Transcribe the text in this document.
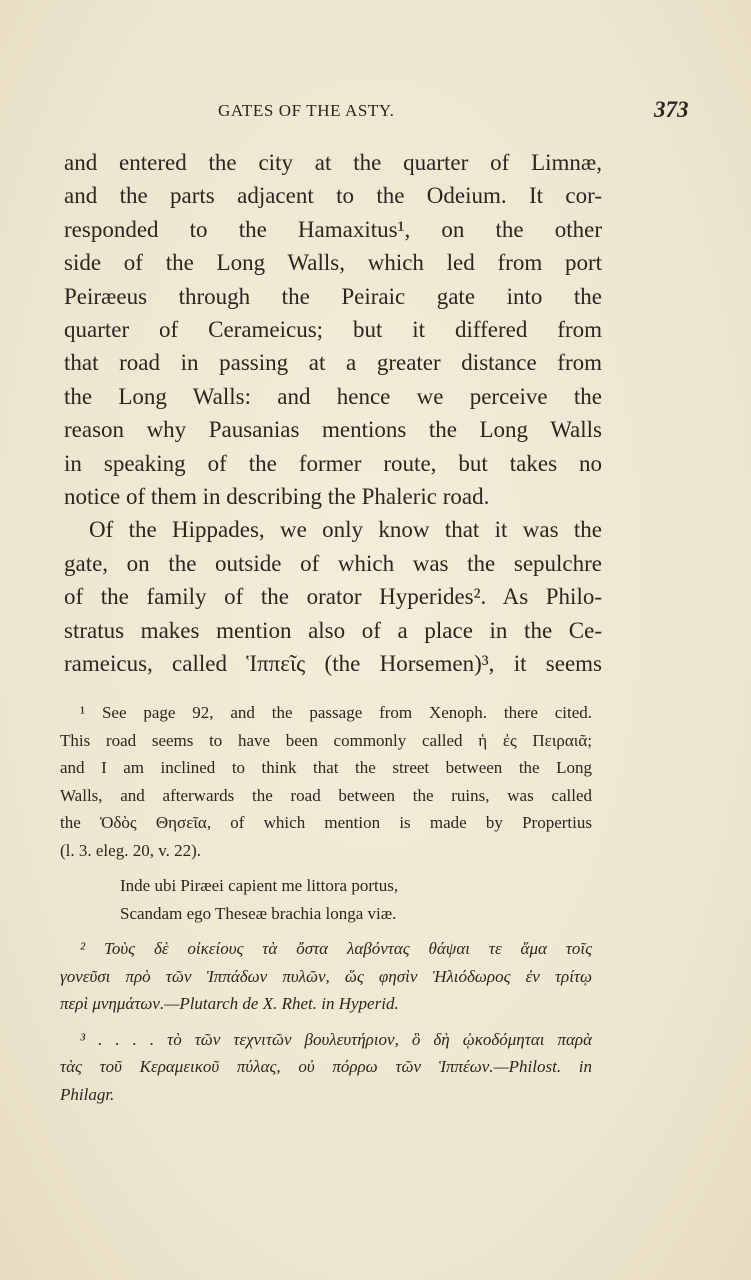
GATES OF THE ASTY.	373
and entered the city at the quarter of Limnæ,
and the parts adjacent to the Odeium. It cor-
responded to the Hamaxitus¹, on the other
side of the Long Walls, which led from port
Peiræeus through the Peiraic gate into the
quarter of Cerameicus; but it differed from
that road in passing at a greater distance from
the Long Walls: and hence we perceive the
reason why Pausanias mentions the Long Walls
in speaking of the former route, but takes no
notice of them in describing the Phaleric road.
Of the Hippades, we only know that it was the
gate, on the outside of which was the sepulchre
of the family of the orator Hyperides². As Philo-
stratus makes mention also of a place in the Ce-
rameicus, called Ἱππεῖς (the Horsemen)³, it seems
¹ See page 92, and the passage from Xenoph. there cited.
This road seems to have been commonly called ἡ ἐς Πειραιᾶ;
and I am inclined to think that the street between the Long
Walls, and afterwards the road between the ruins, was called
the Ὁδὸς Θησεῖα, of which mention is made by Propertius
(l. 3. eleg. 20, v. 22).
Inde ubi Piræei capient me littora portus,
Scandam ego Theseæ brachia longa viæ.
² Τοὺς δὲ οἰκείους τὰ ὄστα λαβόντας θάψαι τε ἅμα τοῖς
γονεῦσι πρὸ τῶν Ἱππάδων πυλῶν, ὥς φησὶν Ἡλιόδωρος ἐν τρίτῳ
περὶ μνημάτων.—Plutarch de X. Rhet. in Hyperid.
³ . . . . τὸ τῶν τεχνιτῶν βουλευτήριον, ὃ δὴ ᾠκοδόμηται παρὰ
τὰς τοῦ Κεραμεικοῦ πύλας, οὐ πόρρω τῶν Ἱππέων.—Philost. in
Philagr.
